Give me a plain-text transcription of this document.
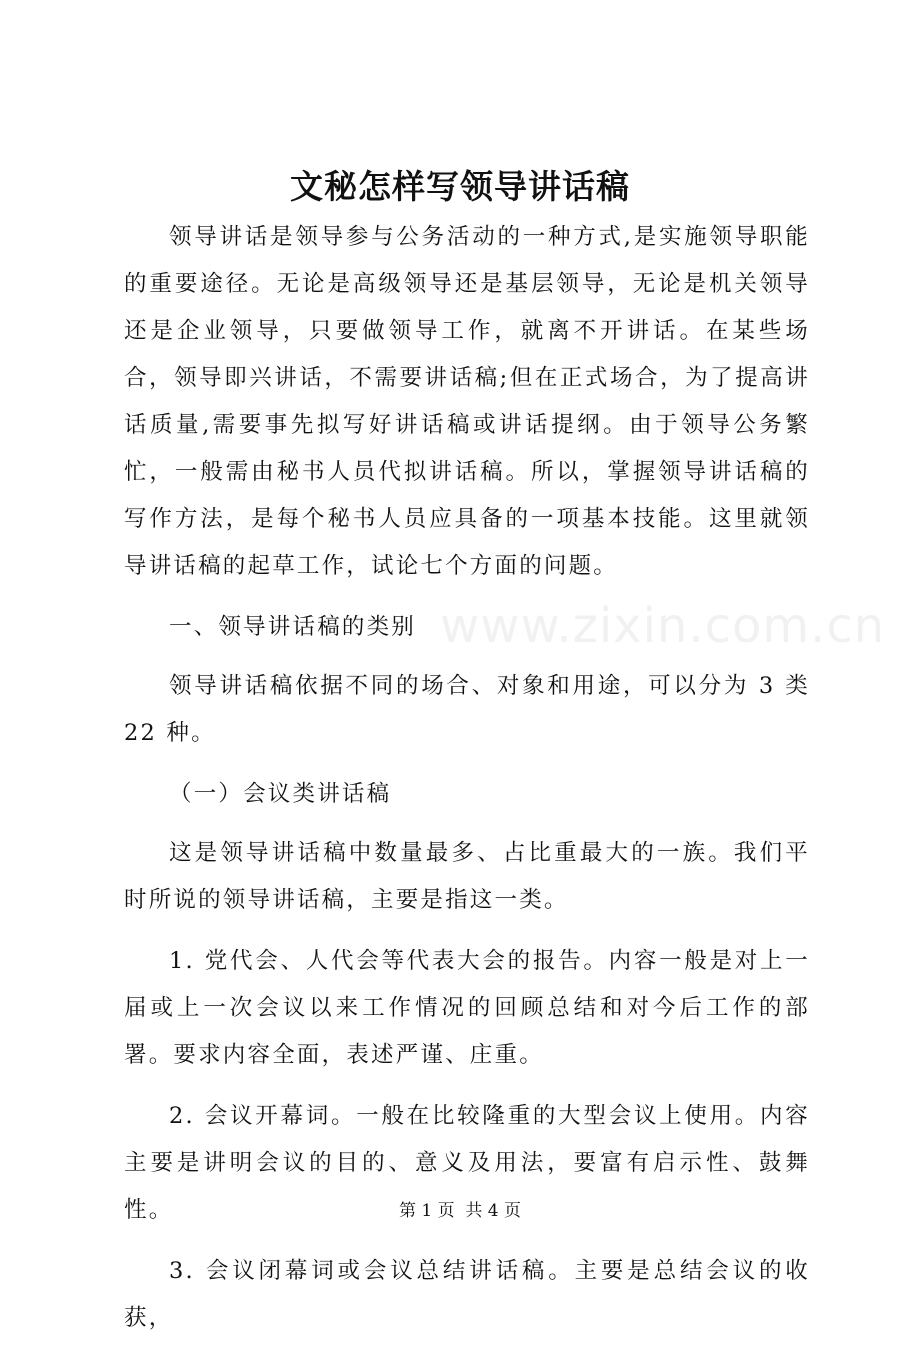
文秘怎样写领导讲话稿

领导讲话是领导参与公务活动的一种方式,是实施领导职能的重要途径。无论是高级领导还是基层领导，无论是机关领导还是企业领导，只要做领导工作，就离不开讲话。在某些场合，领导即兴讲话，不需要讲话稿;但在正式场合，为了提高讲话质量,需要事先拟写好讲话稿或讲话提纲。由于领导公务繁忙，一般需由秘书人员代拟讲话稿。所以，掌握领导讲话稿的写作方法，是每个秘书人员应具备的一项基本技能。这里就领导讲话稿的起草工作，试论七个方面的问题。

一、领导讲话稿的类别

领导讲话稿依据不同的场合、对象和用途，可以分为 3 类 22 种。

（一）会议类讲话稿

这是领导讲话稿中数量最多、占比重最大的一族。我们平时所说的领导讲话稿，主要是指这一类。

1. 党代会、人代会等代表大会的报告。内容一般是对上一届或上一次会议以来工作情况的回顾总结和对今后工作的部署。要求内容全面，表述严谨、庄重。

2. 会议开幕词。一般在比较隆重的大型会议上使用。内容主要是讲明会议的目的、意义及用法，要富有启示性、鼓舞性。

3. 会议闭幕词或会议总结讲话稿。主要是总结会议的收获，

www.zixin.com.cn
第 1 页  共 4 页
